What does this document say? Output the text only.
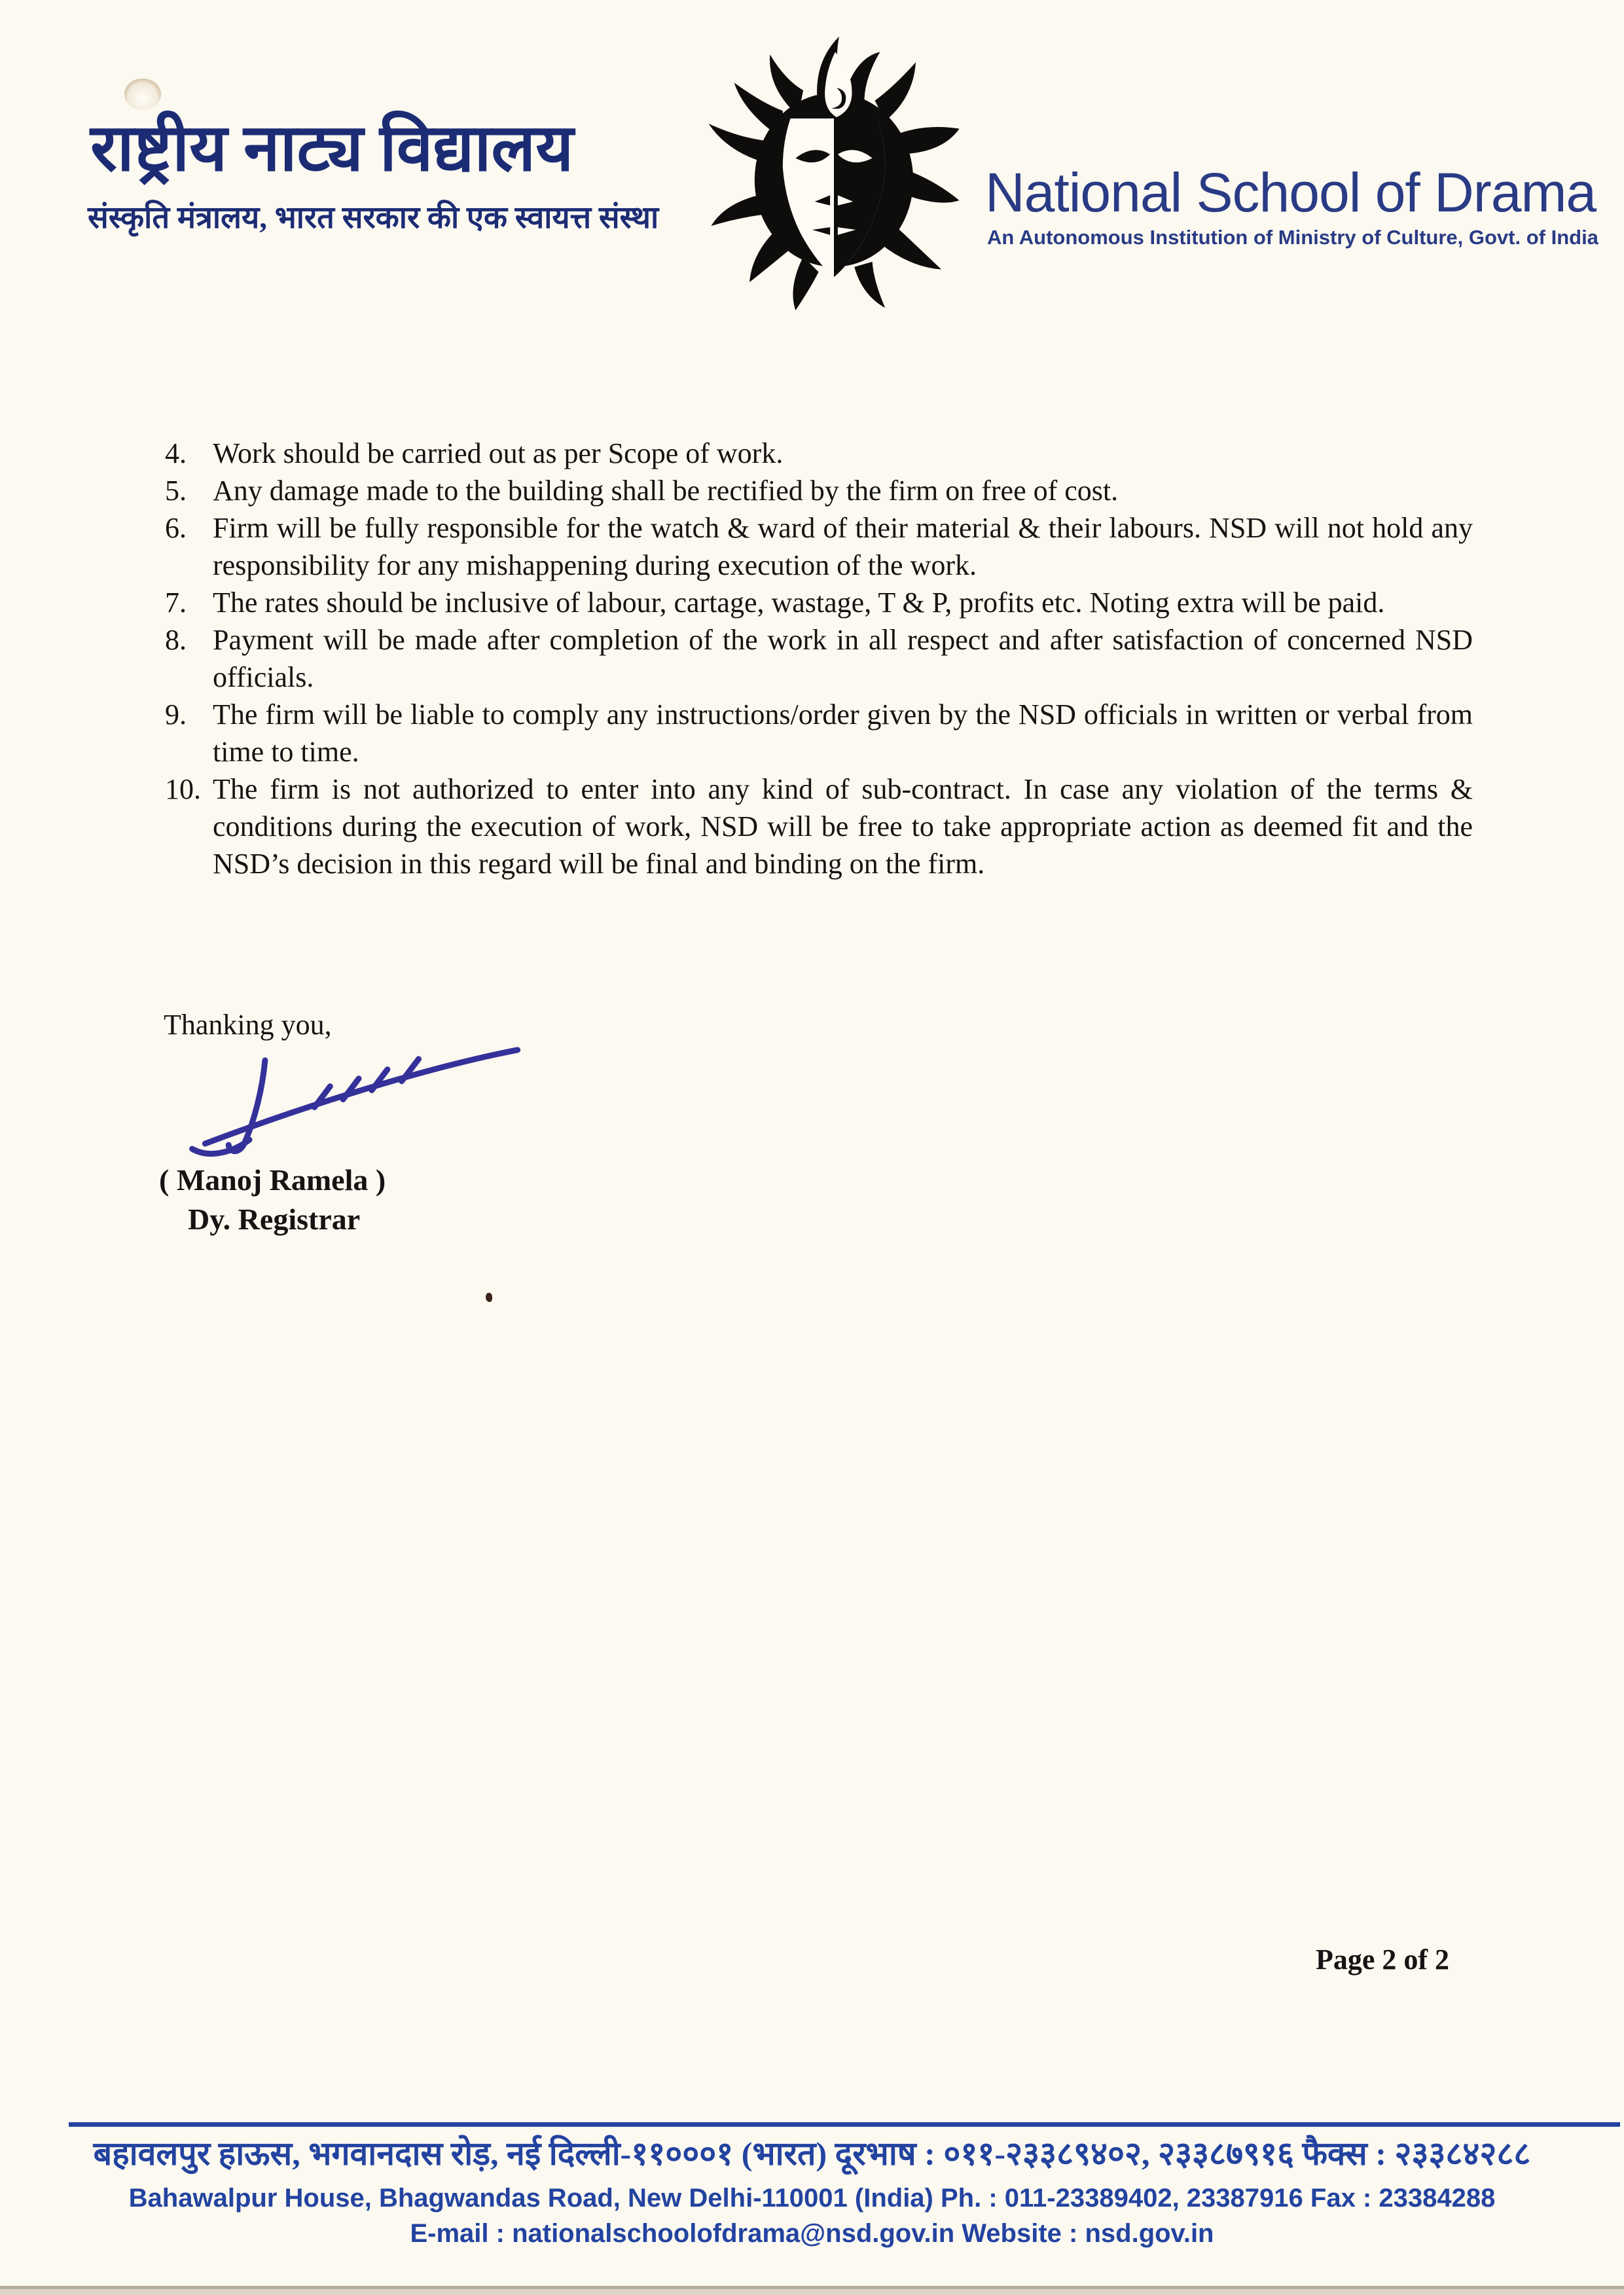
राष्ट्रीय नाट्य विद्यालय
संस्कृति मंत्रालय, भारत सरकार की एक स्वायत्त संस्था	National School of Drama
An Autonomous Institution of Ministry of Culture, Govt. of India
4. Work should be carried out as per Scope of work.
5. Any damage made to the building shall be rectified by the firm on free of cost.
6. Firm will be fully responsible for the watch & ward of their material & their labours. NSD will not hold any responsibility for any mishappening during execution of the work.
7. The rates should be inclusive of labour, cartage, wastage, T & P, profits etc. Noting extra will be paid.
8. Payment will be made after completion of the work in all respect and after satisfaction of concerned NSD officials.
9. The firm will be liable to comply any instructions/order given by the NSD officials in written or verbal from time to time.
10. The firm is not authorized to enter into any kind of sub-contract. In case any violation of the terms & conditions during the execution of work, NSD will be free to take appropriate action as deemed fit and the NSD’s decision in this regard will be final and binding on the firm.
Thanking you,
( Manoj Ramela )
Dy. Registrar
Page 2 of 2
बहावलपुर हाऊस, भगवानदास रोड़, नई दिल्ली-११०००१ (भारत) दूरभाष : ०११-२३३८९४०२, २३३८७९१६ फैक्स : २३३८४२८८
Bahawalpur House, Bhagwandas Road, New Delhi-110001 (India) Ph. : 011-23389402, 23387916 Fax : 23384288
E-mail : nationalschoolofdrama@nsd.gov.in Website : nsd.gov.in
